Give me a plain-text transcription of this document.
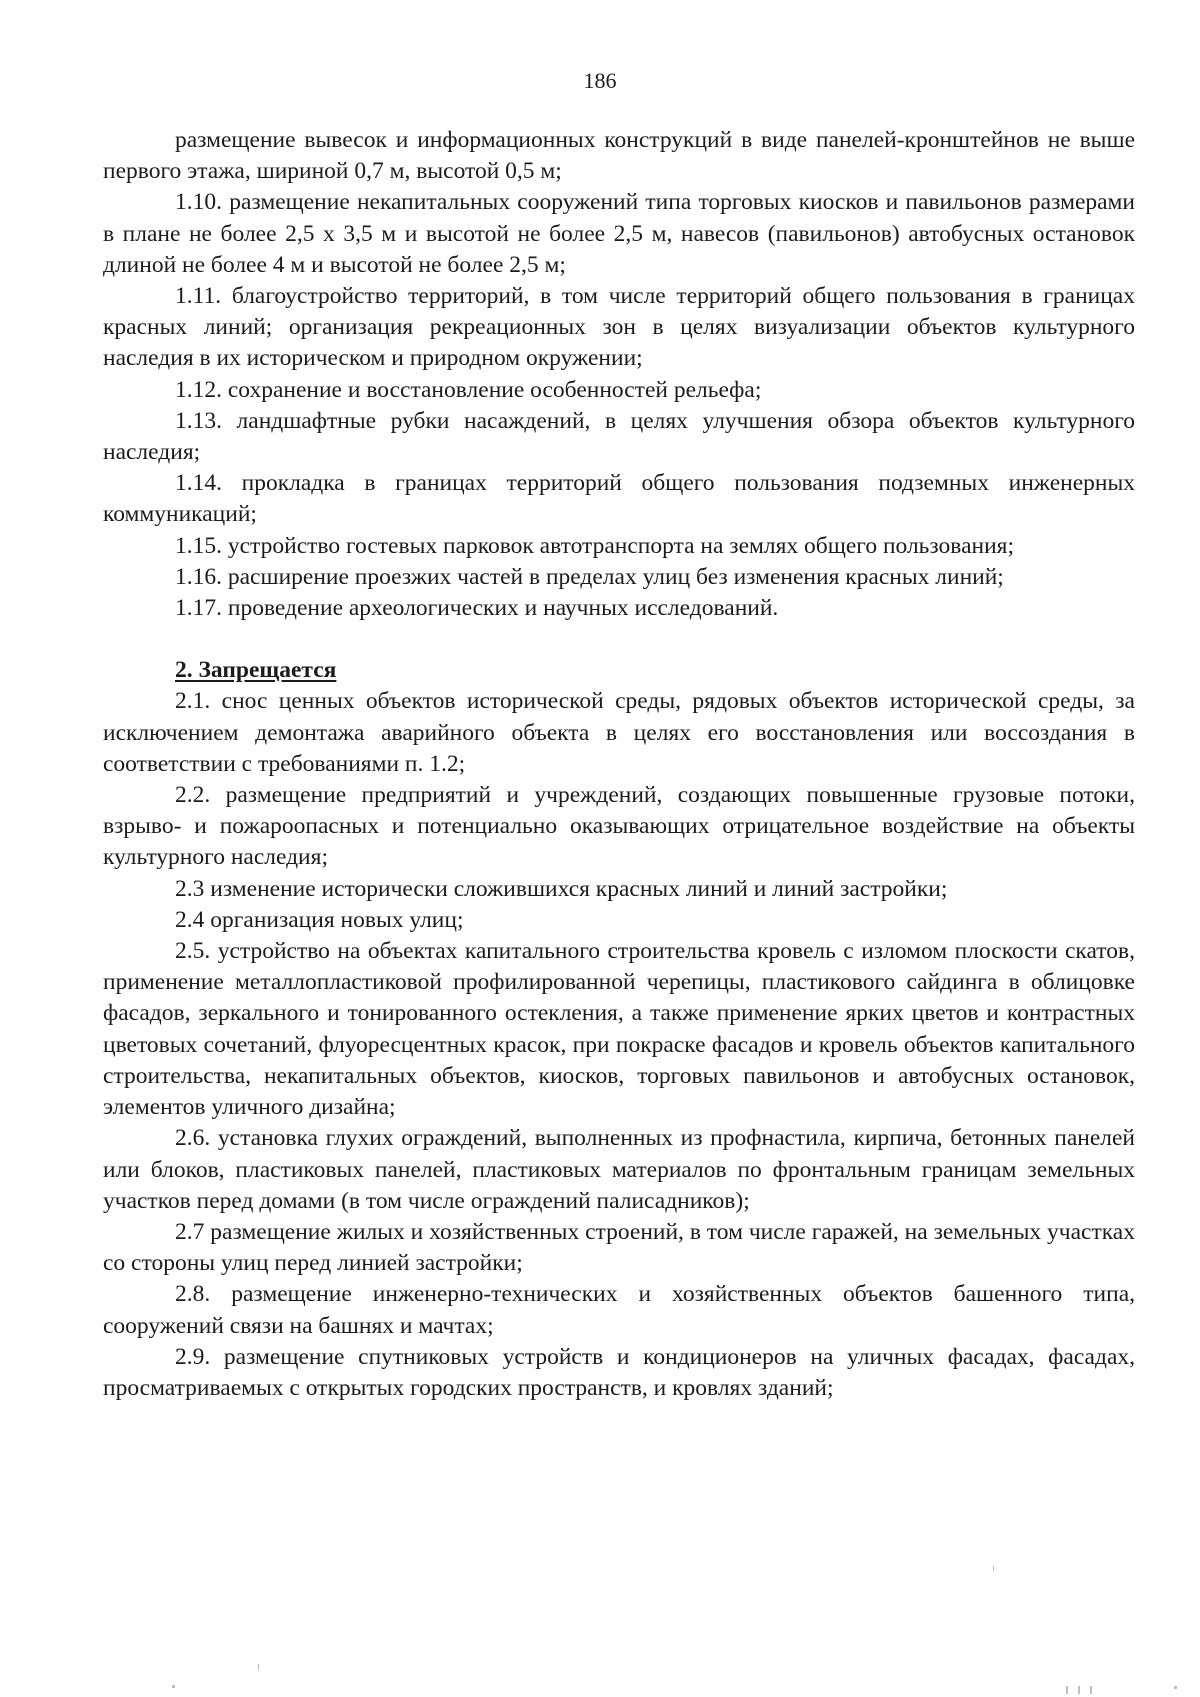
186

размещение вывесок и информационных конструкций в виде панелей-кронштейнов не выше первого этажа, шириной 0,7 м, высотой 0,5 м;

1.10. размещение некапитальных сооружений типа торговых киосков и павильонов размерами в плане не более 2,5 х 3,5 м и высотой не более 2,5 м, навесов (павильонов) автобусных остановок длиной не более 4 м и высотой не более 2,5 м;

1.11. благоустройство территорий, в том числе территорий общего пользования в границах красных линий; организация рекреационных зон в целях визуализации объектов культурного наследия в их историческом и природном окружении;

1.12. сохранение и восстановление особенностей рельефа;

1.13. ландшафтные рубки насаждений, в целях улучшения обзора объектов культурного наследия;

1.14. прокладка в границах территорий общего пользования подземных инженерных коммуникаций;

1.15. устройство гостевых парковок автотранспорта на землях общего пользования;

1.16. расширение проезжих частей в пределах улиц без изменения красных линий;

1.17. проведение археологических и научных исследований.

2. Запрещается

2.1. снос ценных объектов исторической среды, рядовых объектов исторической среды, за исключением демонтажа аварийного объекта в целях его восстановления или воссоздания в соответствии с требованиями п. 1.2;

2.2. размещение предприятий и учреждений, создающих повышенные грузовые потоки, взрыво- и пожароопасных и потенциально оказывающих отрицательное воздействие на объекты культурного наследия;

2.3 изменение исторически сложившихся красных линий и линий застройки;

2.4 организация новых улиц;

2.5. устройство на объектах капитального строительства кровель с изломом плоскости скатов, применение металлопластиковой профилированной черепицы, пластикового сайдинга в облицовке фасадов, зеркального и тонированного остекления, а также применение ярких цветов и контрастных цветовых сочетаний, флуоресцентных красок, при покраске фасадов и кровель объектов капитального строительства, некапитальных объектов, киосков, торговых павильонов и автобусных остановок, элементов уличного дизайна;

2.6. установка глухих ограждений, выполненных из профнастила, кирпича, бетонных панелей или блоков, пластиковых панелей, пластиковых материалов по фронтальным границам земельных участков перед домами (в том числе ограждений палисадников);

2.7 размещение жилых и хозяйственных строений, в том числе гаражей, на земельных участках со стороны улиц перед линией застройки;

2.8. размещение инженерно-технических и хозяйственных объектов башенного типа, сооружений связи на башнях и мачтах;

2.9. размещение спутниковых устройств и кондиционеров на уличных фасадах, фасадах, просматриваемых с открытых городских пространств, и кровлях зданий;
